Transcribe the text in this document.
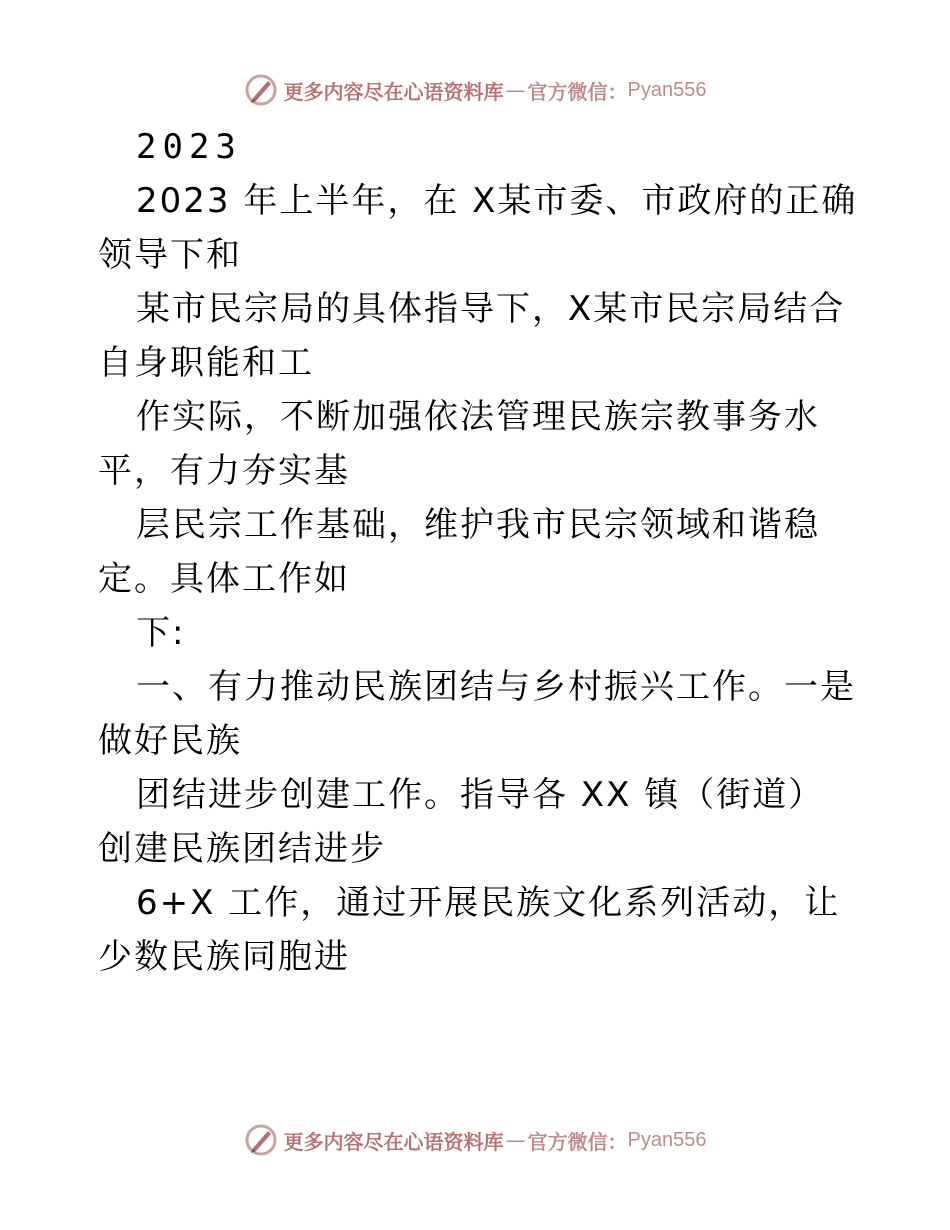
更多内容尽在心语资料库 — 官方微信： Pyan556

2023

2023 年上半年，在 X某市委、市政府的正确领导下和

某市民宗局的具体指导下，X某市民宗局结合自身职能和工

作实际，不断加强依法管理民族宗教事务水平，有力夯实基

层民宗工作基础，维护我市民宗领域和谐稳定。具体工作如

下:

一、有力推动民族团结与乡村振兴工作。一是做好民族

团结进步创建工作。指导各 XX 镇（街道）创建民族团结进步

6+X 工作，通过开展民族文化系列活动，让少数民族同胞进

更多内容尽在心语资料库 — 官方微信： Pyan556
